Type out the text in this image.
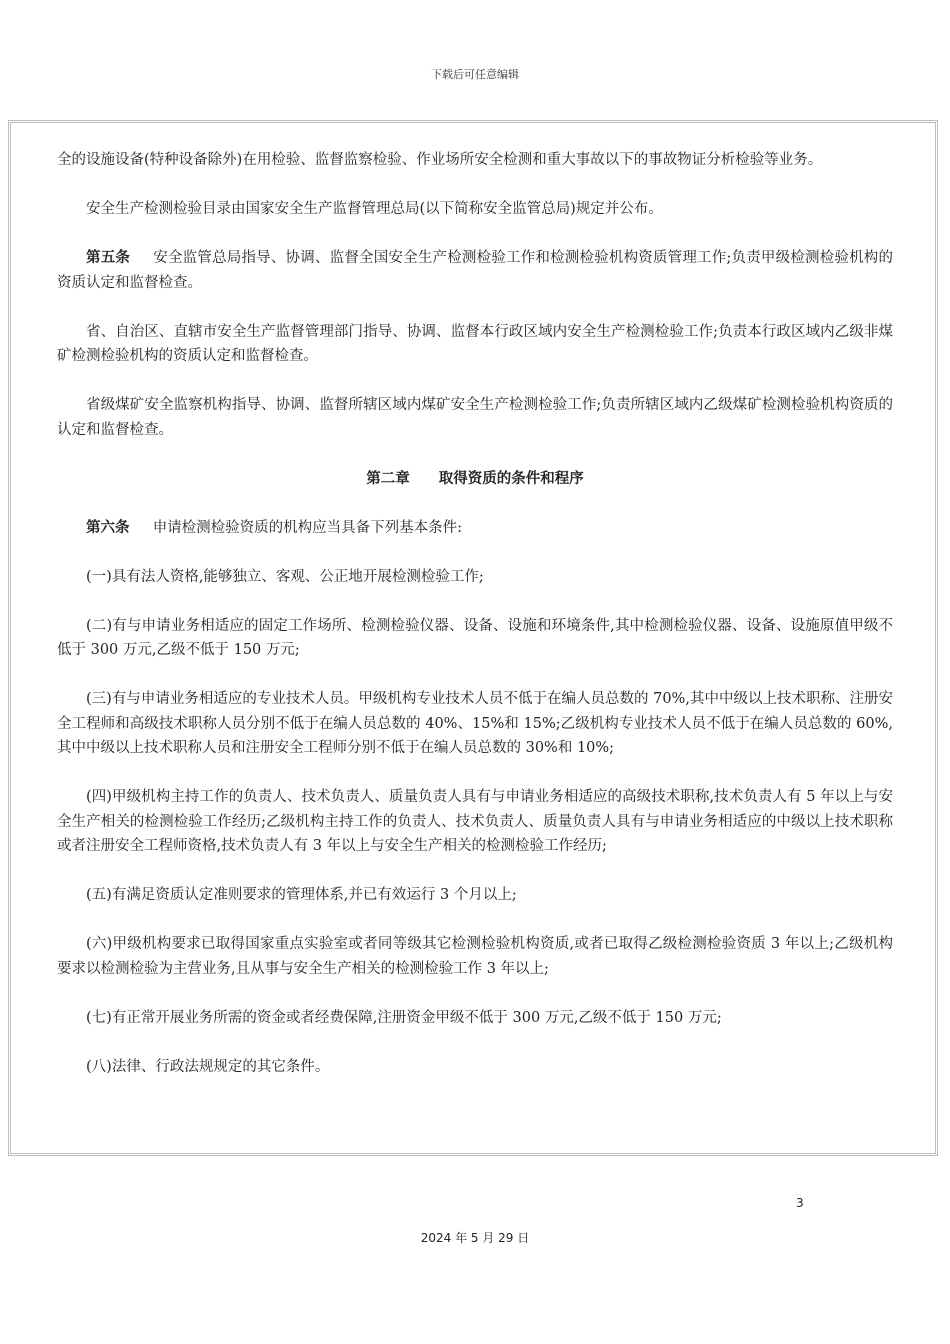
下载后可任意编辑

全的设施设备(特种设备除外)在用检验、监督监察检验、作业场所安全检测和重大事故以下的事故物证分析检验等业务。

安全生产检测检验目录由国家安全生产监督管理总局(以下简称安全监管总局)规定并公布。

第五条 安全监管总局指导、协调、监督全国安全生产检测检验工作和检测检验机构资质管理工作;负责甲级检测检验机构的资质认定和监督检查。

省、自治区、直辖市安全生产监督管理部门指导、协调、监督本行政区域内安全生产检测检验工作;负责本行政区域内乙级非煤矿检测检验机构的资质认定和监督检查。

省级煤矿安全监察机构指导、协调、监督所辖区域内煤矿安全生产检测检验工作;负责所辖区域内乙级煤矿检测检验机构资质的认定和监督检查。

第二章 取得资质的条件和程序

第六条 申请检测检验资质的机构应当具备下列基本条件:

(一)具有法人资格,能够独立、客观、公正地开展检测检验工作;

(二)有与申请业务相适应的固定工作场所、检测检验仪器、设备、设施和环境条件,其中检测检验仪器、设备、设施原值甲级不低于 300 万元,乙级不低于 150 万元;

(三)有与申请业务相适应的专业技术人员。甲级机构专业技术人员不低于在编人员总数的 70%,其中中级以上技术职称、注册安全工程师和高级技术职称人员分别不低于在编人员总数的 40%、15%和 15%;乙级机构专业技术人员不低于在编人员总数的 60%,其中中级以上技术职称人员和注册安全工程师分别不低于在编人员总数的 30%和 10%;

(四)甲级机构主持工作的负责人、技术负责人、质量负责人具有与申请业务相适应的高级技术职称,技术负责人有 5 年以上与安全生产相关的检测检验工作经历;乙级机构主持工作的负责人、技术负责人、质量负责人具有与申请业务相适应的中级以上技术职称或者注册安全工程师资格,技术负责人有 3 年以上与安全生产相关的检测检验工作经历;

(五)有满足资质认定准则要求的管理体系,并已有效运行 3 个月以上;

(六)甲级机构要求已取得国家重点实验室或者同等级其它检测检验机构资质,或者已取得乙级检测检验资质 3 年以上;乙级机构要求以检测检验为主营业务,且从事与安全生产相关的检测检验工作 3 年以上;

(七)有正常开展业务所需的资金或者经费保障,注册资金甲级不低于 300 万元,乙级不低于 150 万元;

(八)法律、行政法规规定的其它条件。

3
2024 年 5 月 29 日
